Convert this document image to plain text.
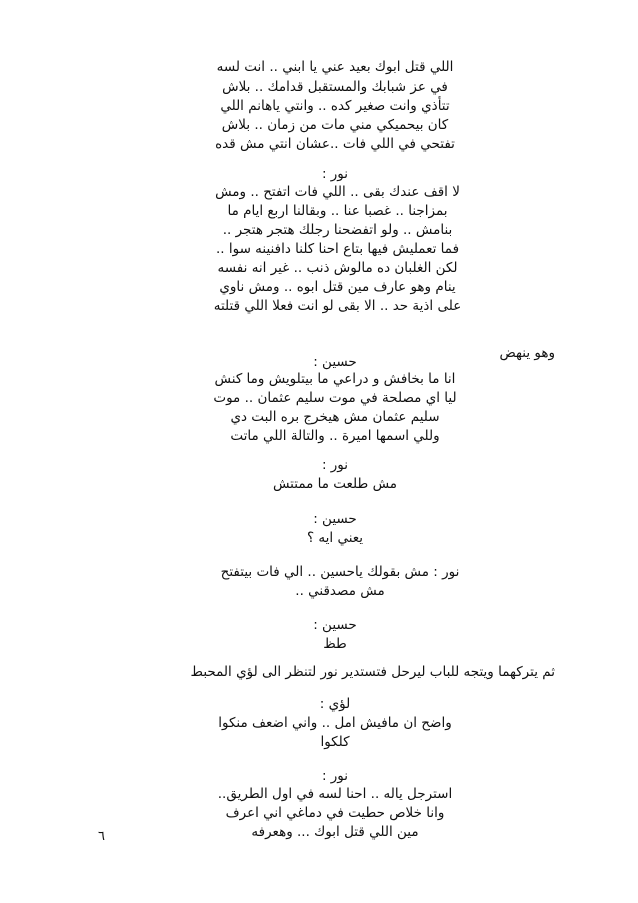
اللي قتل ابوك بعيد عني يا ابني .. انت لسه
في عز شبابك والمستقبل قدامك .. بلاش
تتأذي وانت صغير كده .. وانتي ياهانم اللي
كان بيحميكي مني مات من زمان .. بلاش
تفتحي في اللي فات ..عشان انتي مش قده
نور :
لا اقف عندك بقى .. اللي فات اتفتح .. ومش
بمزاجنا .. غصبا عنا .. وبقالنا اربع ايام ما
بنامش .. ولو اتفضحنا رجلك هتجر هتجر ..
فما تعمليش فيها بتاع احنا كلنا دافنينه سوا ..
لكن الغلبان ده مالوش ذنب .. غير انه نفسه
ينام وهو عارف مين قتل ابوه .. ومش ناوي
على اذية حد .. الا بقى لو انت فعلا اللي قتلته
وهو ينهض
حسين :
انا ما بخافش و دراعي ما بيتلويش وما كنش
ليا اي مصلحة في موت سليم عثمان .. موت
سليم عثمان مش هيخرج بره البت دي
وللي اسمها اميرة .. والتالة اللي ماتت
نور :
مش طلعت ما ممتتش
حسين :
يعني ايه ؟
نور : مش بقولك ياحسين .. الي فات بيتفتح
مش مصدقني ..
حسين :
طظ
ثم يتركهما ويتجه للباب ليرحل فتستدير نور لتنظر الى لؤي المحبط
لؤي :
واضح ان مافيش امل .. واني اضعف منكوا
كلكوا
نور :
استرجل ياله .. احنا لسه في اول الطريق..
وانا خلاص حطيت في دماغي اني اعرف
مين اللي قتل ابوك ... وهعرفه
٦
